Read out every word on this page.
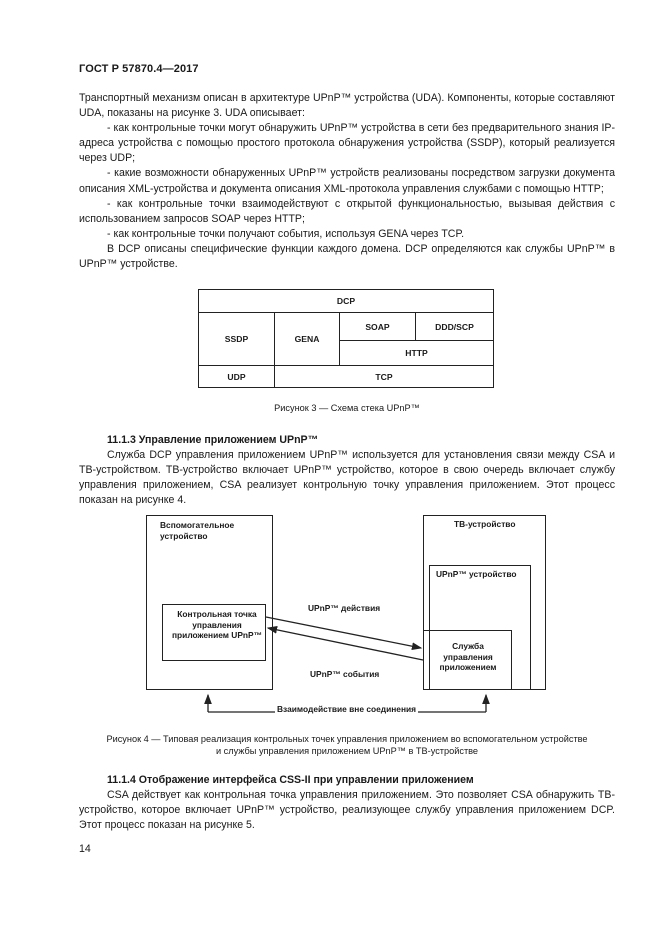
ГОСТ Р 57870.4—2017

Транспортный механизм описан в архитектуре UPnP™ устройства (UDA). Компоненты, которые составляют UDA, показаны на рисунке 3. UDA описывает:

- как контрольные точки могут обнаружить UPnP™ устройства в сети без предварительного знания IP-адреса устройства с помощью простого протокола обнаружения устройства (SSDP), который реализуется через UDP;

- какие возможности обнаруженных UPnP™ устройств реализованы посредством загрузки документа описания XML-устройства и документа описания XML-протокола управления службами с помощью HTTP;

- как контрольные точки взаимодействуют с открытой функциональностью, вызывая действия с использованием запросов SOAP через HTTP;

- как контрольные точки получают события, используя GENA через TCP.

В DCP описаны специфические функции каждого домена. DCP определяются как службы UPnP™ в UPnP™ устройстве.

DCP
SSDP	GENA
SOAP	DDD/SCP
HTTP
UDP	TCP
Рисунок 3 — Схема стека UPnP™
11.1.3 Управление приложением UPnP™
Служба DCP управления приложением UPnP™ используется для установления связи между CSA и ТВ-устройством. ТВ-устройство включает UPnP™ устройство, которое в свою очередь включает службу управления приложением, CSA реализует контрольную точку управления приложением. Этот процесс показан на рисунке 4.
Вспомогательное устройство
Контрольная точка управления приложением UPnP™
ТВ-устройство
UPnP™ устройство
Служба управления приложением
UPnP™ действия
UPnP™ события
Взаимодействие вне соединения
Рисунок 4 — Типовая реализация контрольных точек управления приложением во вспомогательном устройстве
и службы управления приложением UPnP™ в ТВ-устройстве
11.1.4 Отображение интерфейса CSS-II при управлении приложением
CSA действует как контрольная точка управления приложением. Это позволяет CSA обнаружить ТВ-устройство, которое включает UPnP™ устройство, реализующее службу управления приложением DCP. Этот процесс показан на рисунке 5.
14
